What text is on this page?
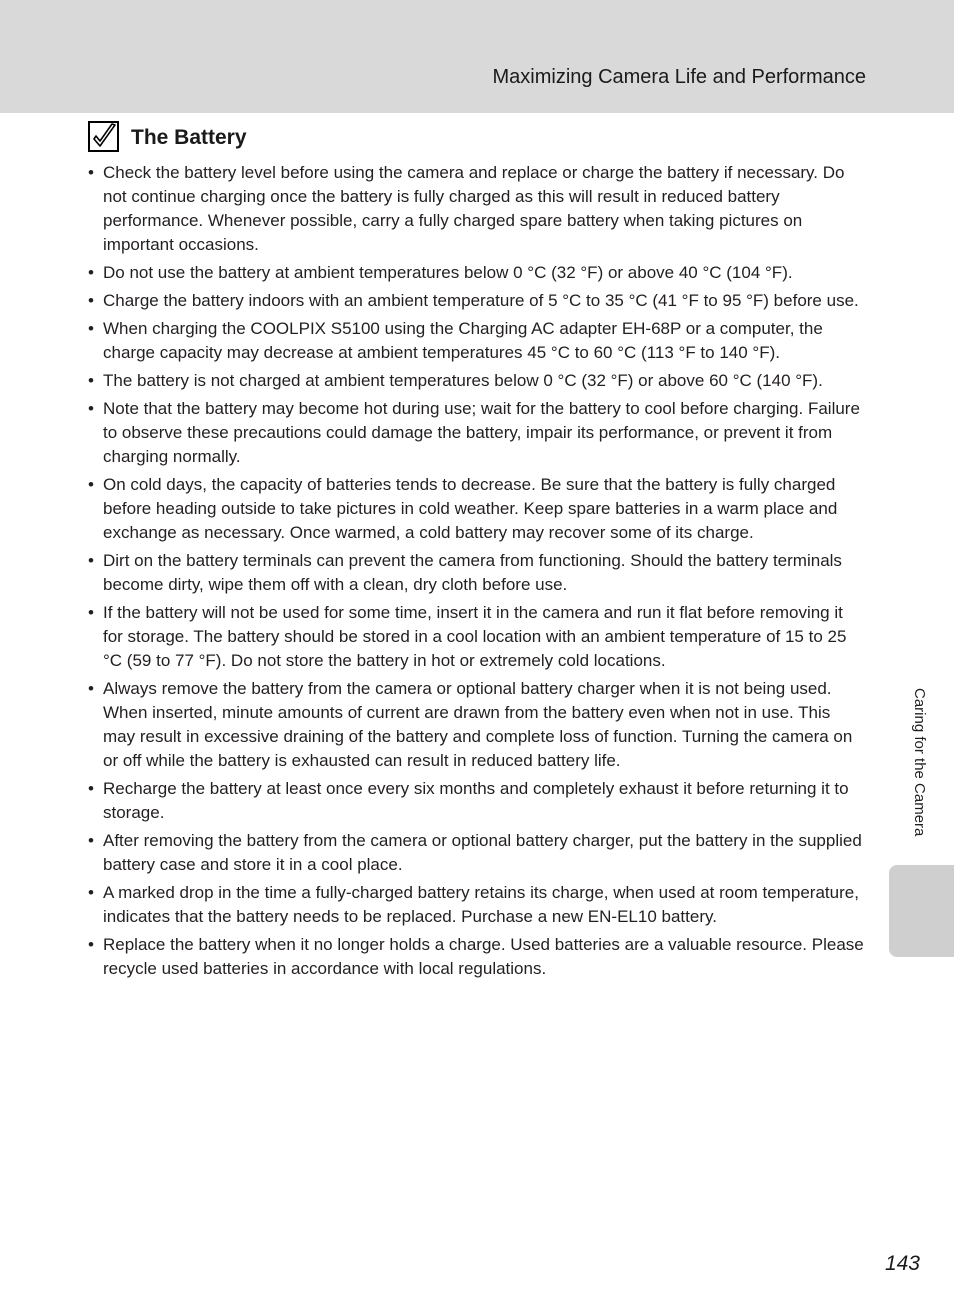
Maximizing Camera Life and Performance
The Battery
• Check the battery level before using the camera and replace or charge the battery if necessary. Do not continue charging once the battery is fully charged as this will result in reduced battery performance. Whenever possible, carry a fully charged spare battery when taking pictures on important occasions.
• Do not use the battery at ambient temperatures below 0 °C (32 °F) or above 40 °C (104 °F).
• Charge the battery indoors with an ambient temperature of 5 °C to 35 °C (41 °F to 95 °F) before use.
• When charging the COOLPIX S5100 using the Charging AC adapter EH-68P or a computer, the charge capacity may decrease at ambient temperatures 45 °C to 60 °C (113 °F to 140 °F).
• The battery is not charged at ambient temperatures below 0 °C (32 °F) or above 60 °C (140 °F).
• Note that the battery may become hot during use; wait for the battery to cool before charging. Failure to observe these precautions could damage the battery, impair its performance, or prevent it from charging normally.
• On cold days, the capacity of batteries tends to decrease. Be sure that the battery is fully charged before heading outside to take pictures in cold weather. Keep spare batteries in a warm place and exchange as necessary. Once warmed, a cold battery may recover some of its charge.
• Dirt on the battery terminals can prevent the camera from functioning. Should the battery terminals become dirty, wipe them off with a clean, dry cloth before use.
• If the battery will not be used for some time, insert it in the camera and run it flat before removing it for storage. The battery should be stored in a cool location with an ambient temperature of 15 to 25 °C (59 to 77 °F). Do not store the battery in hot or extremely cold locations.
• Always remove the battery from the camera or optional battery charger when it is not being used. When inserted, minute amounts of current are drawn from the battery even when not in use. This may result in excessive draining of the battery and complete loss of function. Turning the camera on or off while the battery is exhausted can result in reduced battery life.
• Recharge the battery at least once every six months and completely exhaust it before returning it to storage.
• After removing the battery from the camera or optional battery charger, put the battery in the supplied battery case and store it in a cool place.
• A marked drop in the time a fully-charged battery retains its charge, when used at room temperature, indicates that the battery needs to be replaced. Purchase a new EN-EL10 battery.
• Replace the battery when it no longer holds a charge. Used batteries are a valuable resource. Please recycle used batteries in accordance with local regulations.
Caring for the Camera
143
